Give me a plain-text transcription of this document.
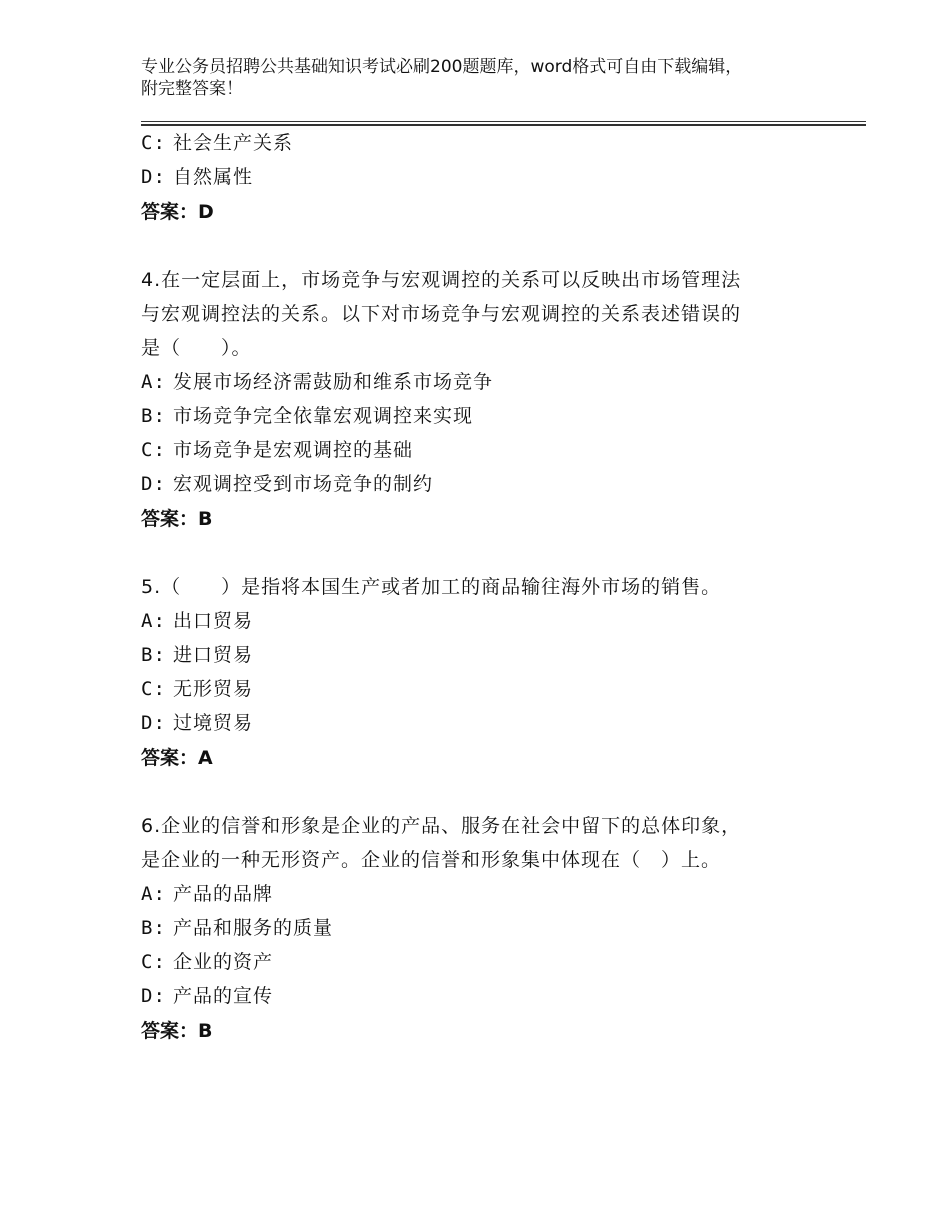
专业公务员招聘公共基础知识考试必刷200题题库，word格式可自由下载编辑，
附完整答案！
C: 社会生产关系
D: 自然属性
答案：D
4.在一定层面上，市场竞争与宏观调控的关系可以反映出市场管理法
与宏观调控法的关系。以下对市场竞争与宏观调控的关系表述错误的
是（　　）。
A: 发展市场经济需鼓励和维系市场竞争
B: 市场竞争完全依靠宏观调控来实现
C: 市场竞争是宏观调控的基础
D: 宏观调控受到市场竞争的制约
答案：B
5.（　　）是指将本国生产或者加工的商品输往海外市场的销售。
A: 出口贸易
B: 进口贸易
C: 无形贸易
D: 过境贸易
答案：A
6.企业的信誉和形象是企业的产品、服务在社会中留下的总体印象，
是企业的一种无形资产。企业的信誉和形象集中体现在（　）上。
A: 产品的品牌
B: 产品和服务的质量
C: 企业的资产
D: 产品的宣传
答案：B
